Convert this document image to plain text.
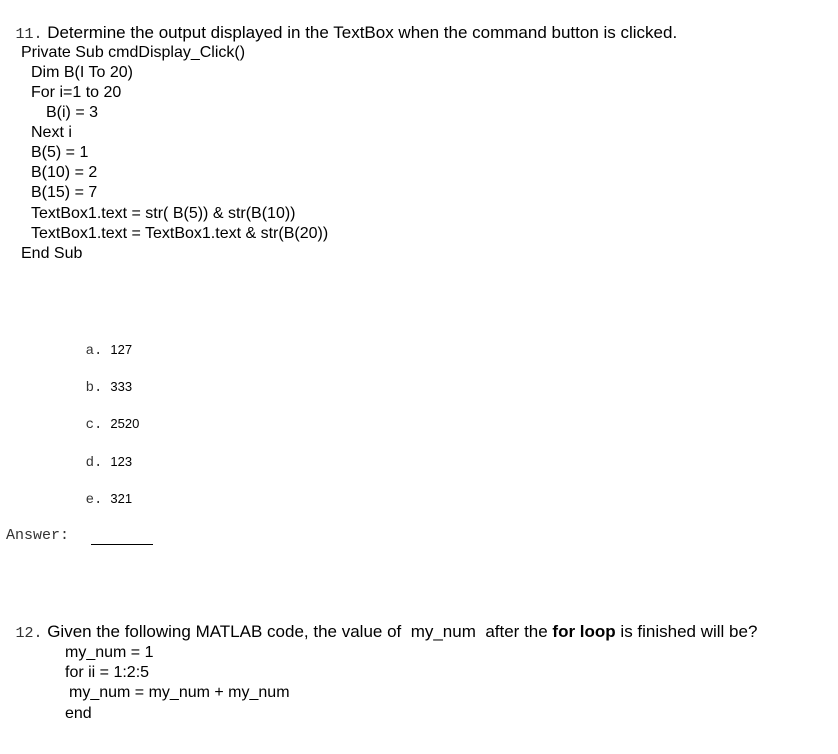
11. Determine the output displayed in the TextBox when the command button is clicked.

Private Sub cmdDisplay_Click()
Dim B(I To 20)
For i=1 to 20
B(i) = 3
Next i
B(5) = 1
B(10) = 2
B(15) = 7
TextBox1.text = str( B(5)) & str(B(10))
TextBox1.text = TextBox1.text & str(B(20))
End Sub

a. 127

b. 333

c. 2520

d. 123

e. 321

Answer:

12. Given the following MATLAB code, the value of  my_num  after the for loop is finished will be?

my_num = 1
for ii = 1:2:5
my_num = my_num + my_num
end
